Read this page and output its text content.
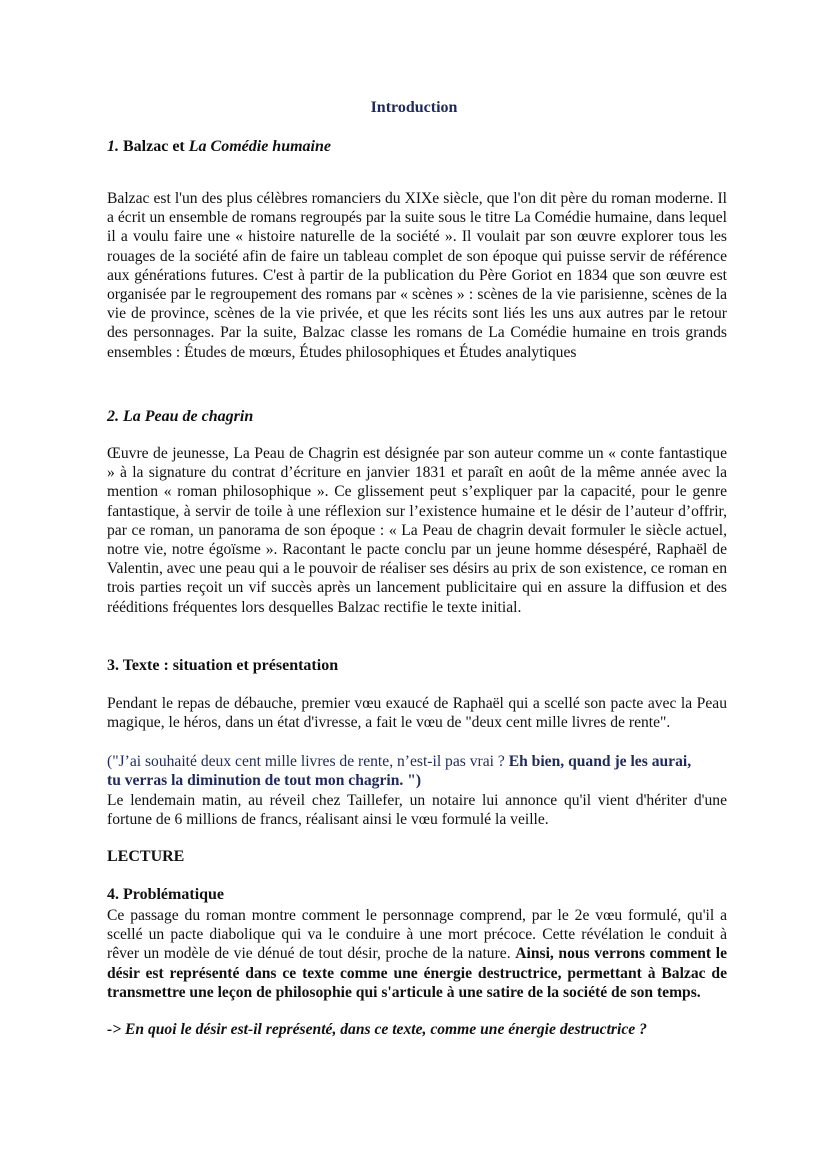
Introduction
1. Balzac et La Comédie humaine

Balzac est l'un des plus célèbres romanciers du XIXe siècle, que l'on dit père du roman moderne. Il a écrit un ensemble de romans regroupés par la suite sous le titre La Comédie humaine, dans lequel il a voulu faire une « histoire naturelle de la société ». Il voulait par son œuvre explorer tous les rouages de la société afin de faire un tableau complet de son époque qui puisse servir de référence aux générations futures. C'est à partir de la publication du Père Goriot en 1834 que son œuvre est organisée par le regroupement des romans par « scènes » : scènes de la vie parisienne, scènes de la vie de province, scènes de la vie privée, et que les récits sont liés les uns aux autres par le retour des personnages. Par la suite, Balzac classe les romans de La Comédie humaine en trois grands ensembles : Études de mœurs, Études philosophiques et Études analytiques

2. La Peau de chagrin

Œuvre de jeunesse, La Peau de Chagrin est désignée par son auteur comme un « conte fantastique » à la signature du contrat d’écriture en janvier 1831 et paraît en août de la même année avec la mention « roman philosophique ». Ce glissement peut s’expliquer par la capacité, pour le genre fantastique, à servir de toile à une réflexion sur l’existence humaine et le désir de l’auteur d’offrir, par ce roman, un panorama de son époque : « La Peau de chagrin devait formuler le siècle actuel, notre vie, notre égoïsme ». Racontant le pacte conclu par un jeune homme désespéré, Raphaël de Valentin, avec une peau qui a le pouvoir de réaliser ses désirs au prix de son existence, ce roman en trois parties reçoit un vif succès après un lancement publicitaire qui en assure la diffusion et des rééditions fréquentes lors desquelles Balzac rectifie le texte initial.

3. Texte : situation et présentation

Pendant le repas de débauche, premier vœu exaucé de Raphaël qui a scellé son pacte avec la Peau magique, le héros, dans un état d'ivresse, a fait le vœu de "deux cent mille livres de rente".

("J’ai souhaité deux cent mille livres de rente, n’est-il pas vrai ? Eh bien, quand je les aurai,
tu verras la diminution de tout mon chagrin. ")

Le lendemain matin, au réveil chez Taillefer, un notaire lui annonce qu'il vient d'hériter d'une fortune de 6 millions de francs, réalisant ainsi le vœu formulé la veille.

LECTURE
4. Problématique

Ce passage du roman montre comment le personnage comprend, par le 2e vœu formulé, qu'il a scellé un pacte diabolique qui va le conduire à une mort précoce. Cette révélation le conduit à rêver un modèle de vie dénué de tout désir, proche de la nature. Ainsi, nous verrons comment le désir est représenté dans ce texte comme une énergie destructrice, permettant à Balzac de transmettre une leçon de philosophie qui s'articule à une satire de la société de son temps.

-> En quoi le désir est-il représenté, dans ce texte, comme une énergie destructrice ?
